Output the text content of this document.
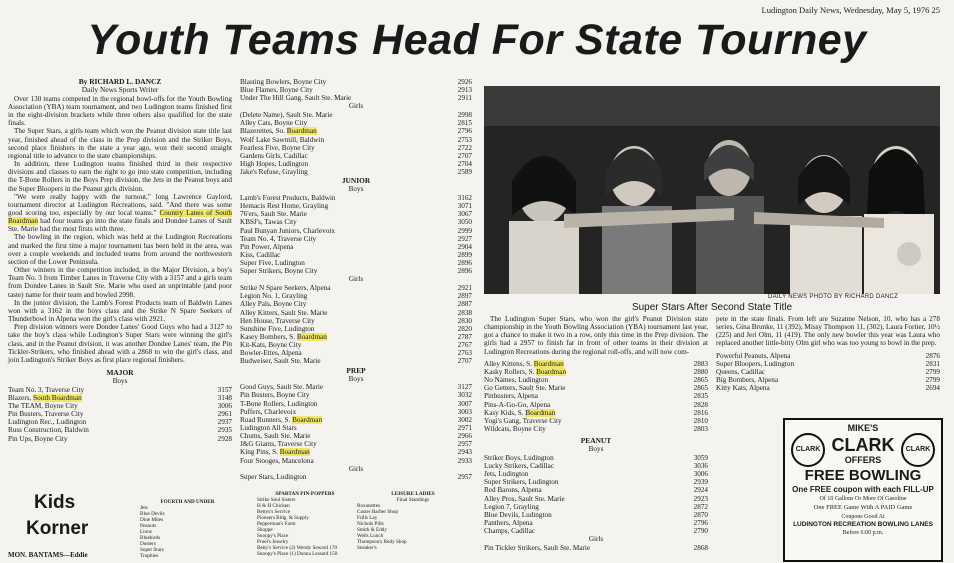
Ludington Daily News, Wednesday, May 5, 1976 25
Youth Teams Head For State Tourney
By RICHARD L. DANCZ
Daily News Sports Writer

Over 130 teams competed in the regional bowl-offs for the Youth Bowling Association (YBA) team tournament, and two Ludington teams finished first in the eight-division brackets while three others also qualified for the state finals.

The Super Stars, a girls team which won the Peanut division state title last year, finished ahead of the class in the Prep division and the Striker Boys, second place finishers in the state a year ago, won their second straight regional title to advance to the state championships.

In addition, three Ludington teams finished third in their respective divisions and classes to earn the right to go into state competition, including the T-Bone Rollers in the Boys Prep division, the Jets in the Peanut boys and the Super Bloopers in the Peanut girls division.

"We were really happy with the turnout," long Lawrence Gaylord, tournament director at Ludington Recreations, said. "And there was some good scoring too, especially by our local teams." Country Lanes of South Boardman had four teams go into the state finals and Dondee Lanes of Sault Ste. Marie had the most firsts with three.

The bowling in the region, which was held at the Ludington Recreations and marked the first time a major tournament has been held in the area, was over a couple weekends and included teams from around the northwestern section of the Lower Peninsula.

Other winners in the competition included, in the Major Division, a boy's Team No. 3 from Timber Lanes in Traverse City with a 3157 and a girls team from Dondee Lanes in Sault Ste. Marie who used an unprintable (and poor taste) name for their team and bowled 2998.

In the junior division, the Lamb's Forest Products team of Baldwin Lanes won with a 3162 in the boys class and the Strike N Spare Seekers of Thunderbowl in Alpena won the girl's class with 2921.

Prep division winners were Dondee Lanes' Good Guys who had a 3127 to take the boy's class while Ludington's Super Stars were winning the girl's class, and in the Peanut division, it was another Dondee Lanes' team, the Pin Tickler-Strikers, who finished ahead with a 2868 to win the girl's class, and join Ludington's Striker Boys as first place regional finishers.

MAJOR
Boys
Team No. 3, Traverse City	3157
Blazers, South Boardman	3148
The TEAM, Boyne City	3006
Pin Busters, Traverse City	2961
Ludington Rec., Ludington	2937
Russ Construction, Baldwin	2935
Pin Ups, Boyne City	2928
Blasting Bowlers, Boyne City	2926
Blue Flames, Boyne City	2913
Under The Hill Gang, Sault Ste. Marie	2911
Girls
(Delete Name), Sault Ste. Marie	2998
Alley Cats, Boyne City	2815
Blazerettes, So. Boardman	2796
Wolf Lake Sawmill, Baldwin	2753
Fearless Five, Boyne City	2722
Gardens Girls, Cadillac	2707
High Hopes, Ludington	2704
Jake's Refuse, Grayling	2589
JUNIOR
Boys
Lamb's Forest Products, Baldwin	3162
Hemacis Rest Home, Grayling	3071
76'ers, Sault Ste. Marie	3067
KBSJ's, Tawas City	3050
Paul Bunyan Juniors, Charlevoix	2999
Team No. 4, Traverse City	2927
Pin Power, Alpena	2904
Kiss, Cadillac	2899
Super Five, Ludington	2896
Super Strikers, Boyne City	2896
Girls
Strike N Spare Seekers, Alpena	2921
Legion No. 1, Grayling	2897
Alley Pals, Boyne City	2887
Alley Kitters, Sault Ste. Marie	2838
Hen House, Traverse City	2830
Sunshine Five, Ludington	2820
Kasey Bombers, S. Boardman	2787
Kit-Kats, Boyne City	2767
Bowler-Ettes, Alpena	2763
Budweiser, Sault Ste. Marie	2707
PREP
Boys
Good Guys, Sault Ste. Marie	3127
Pin Busters, Boyne City	3032
T-Bone Rollers, Ludington	3007
Puffers, Charlevoix	3003
Road Runners, S. Boardman	3002
Ludington All Stars	2971
Chums, Sault Ste. Marie	2966
J&G Giants, Traverse City	2957
King Pins, S. Boardman	2943
Four Stooges, Mancelona	2933
Girls
Super Stars, Ludington	2957
DAILY NEWS PHOTO BY RICHARD DANCZ
Super Stars After Second State Title

The Ludington Super Stars, who won the girl's Peanut Division state championship in the Youth Bowling Association (YBA) tournament last year, got a chance to make it two in a row, only this time in the Prep division. The girls had a 2957 to finish far in front of other teams in their division at Ludington Recreations during the regional roll-offs, and will now com-

Alley Kittens, S. Boardman	2883
Kasky Rollers, S. Boardman	2880
No Names, Ludington	2865
Go Getters, Sault Ste. Marie	2865
Pinbusters, Alpena	2835
Pins-A-Go-Go, Alpena	2828
Kasy Kids, S. Boardman	2816
Yogi's Gang, Traverse City	2810
Wildcats, Boyne City	2803
PEANUT
Boys
Striker Boys, Ludington	3059
Lucky Strikers, Cadillac	3036
Jets, Ludington	3006
Super Strikers, Ludington	2939
Red Barons, Alpena	2924
Alley Pros, Sault Ste. Marie	2923
Legion 7, Grayling	2872
Blue Devils, Ludington	2870
Panthers, Alpena	2796
Champs, Cadillac	2790
Girls
Pin Tickler Strikers, Sault Ste. Marie	2868

pete in the state finals. From left are Suzanne Nelson, 10, who has a 278 series, Gina Brunke, 11 (392), Missy Thompson 11, (302), Laura Fortier, 10½ (225) and Jeri Olm, 11 (419). The only new bowler this year was Laura who replaced another little-bitty Olm girl who was too young to bowl in the prep.

Powerful Peanuts, Alpena	2876
Super Bloopers, Ludington	2831
Queens, Cadillac	2799
Big Bombers, Alpena	2799
Kitty Kats, Alpena	2694
MIKE'S
CLARK CLARK
OFFERS
CLARK
FREE BOWLING
One FREE coupon with each FILL-UP
Of 10 Gallons Or More Of Gasoline
One FREE Game With A PAID Game
Coupons Good At
LUDINGTON RECREATION BOWLING LANES
Before 6:00 p.m.
Kids
Korner
MON. BANTAMS—Eddie
FOURTH AND UNDER
Jets
Blue Devils
Dine Mites
Peanuts
Lions
Bluebirds
Dusters
Super Stars
Trophies
SPARTAN PIN-POPPERS
Strike Soul Sisters
H & H Chicken
Bettys's Service
Pioneers Bldg. & Supply
Pepperman's Farm
Shoppe
Snoopy's Place
Pruel's Jewelry
Betty's Service (2) Wendy Seward 170
Snoopy's Place (1) Donna Lessard 150
LEISURE LADIES
Final Standings
Roxanettes
Custer Barber Shop
Frills Lay
Nichols Pills
Smith & Eddy
Wells Lunch
Thompson's Body Shop
Sneaker's
